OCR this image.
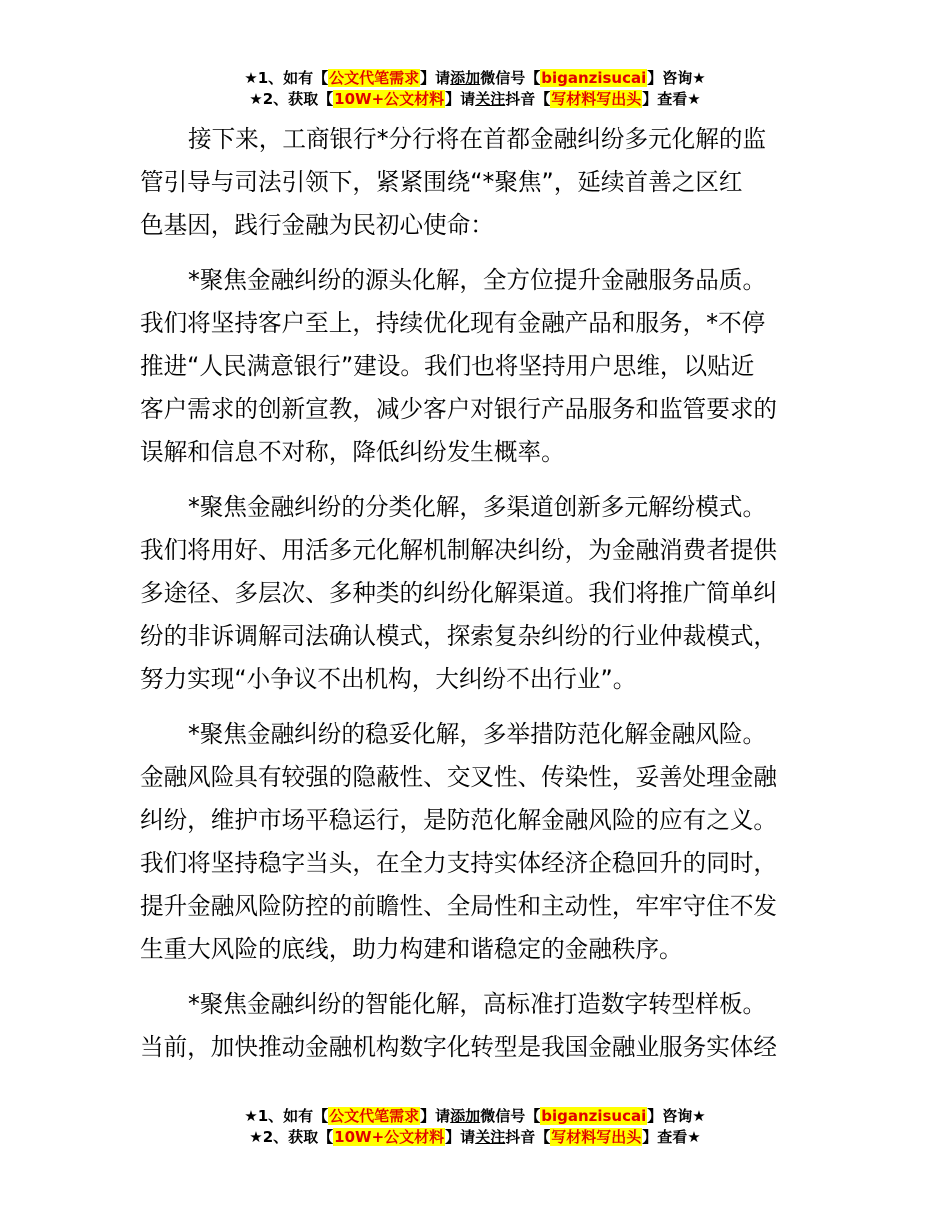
★1、如有【公文代笔需求】请添加微信号【biganzisucai】咨询★
★2、获取【10W+公文材料】请关注抖音【写材料写出头】查看★
接下来，工商银行*分行将在首都金融纠纷多元化解的监
管引导与司法引领下，紧紧围绕“*聚焦”，延续首善之区红
色基因，践行金融为民初心使命：
*聚焦金融纠纷的源头化解，全方位提升金融服务品质。
我们将坚持客户至上，持续优化现有金融产品和服务，*不停
推进“人民满意银行”建设。我们也将坚持用户思维，以贴近
客户需求的创新宣教，减少客户对银行产品服务和监管要求的
误解和信息不对称，降低纠纷发生概率。
*聚焦金融纠纷的分类化解，多渠道创新多元解纷模式。
我们将用好、用活多元化解机制解决纠纷，为金融消费者提供
多途径、多层次、多种类的纠纷化解渠道。我们将推广简单纠
纷的非诉调解司法确认模式，探索复杂纠纷的行业仲裁模式，
努力实现“小争议不出机构，大纠纷不出行业”。
*聚焦金融纠纷的稳妥化解，多举措防范化解金融风险。
金融风险具有较强的隐蔽性、交叉性、传染性，妥善处理金融
纠纷，维护市场平稳运行，是防范化解金融风险的应有之义。
我们将坚持稳字当头，在全力支持实体经济企稳回升的同时，
提升金融风险防控的前瞻性、全局性和主动性，牢牢守住不发
生重大风险的底线，助力构建和谐稳定的金融秩序。
*聚焦金融纠纷的智能化解，高标准打造数字转型样板。
当前，加快推动金融机构数字化转型是我国金融业服务实体经
★1、如有【公文代笔需求】请添加微信号【biganzisucai】咨询★
★2、获取【10W+公文材料】请关注抖音【写材料写出头】查看★
